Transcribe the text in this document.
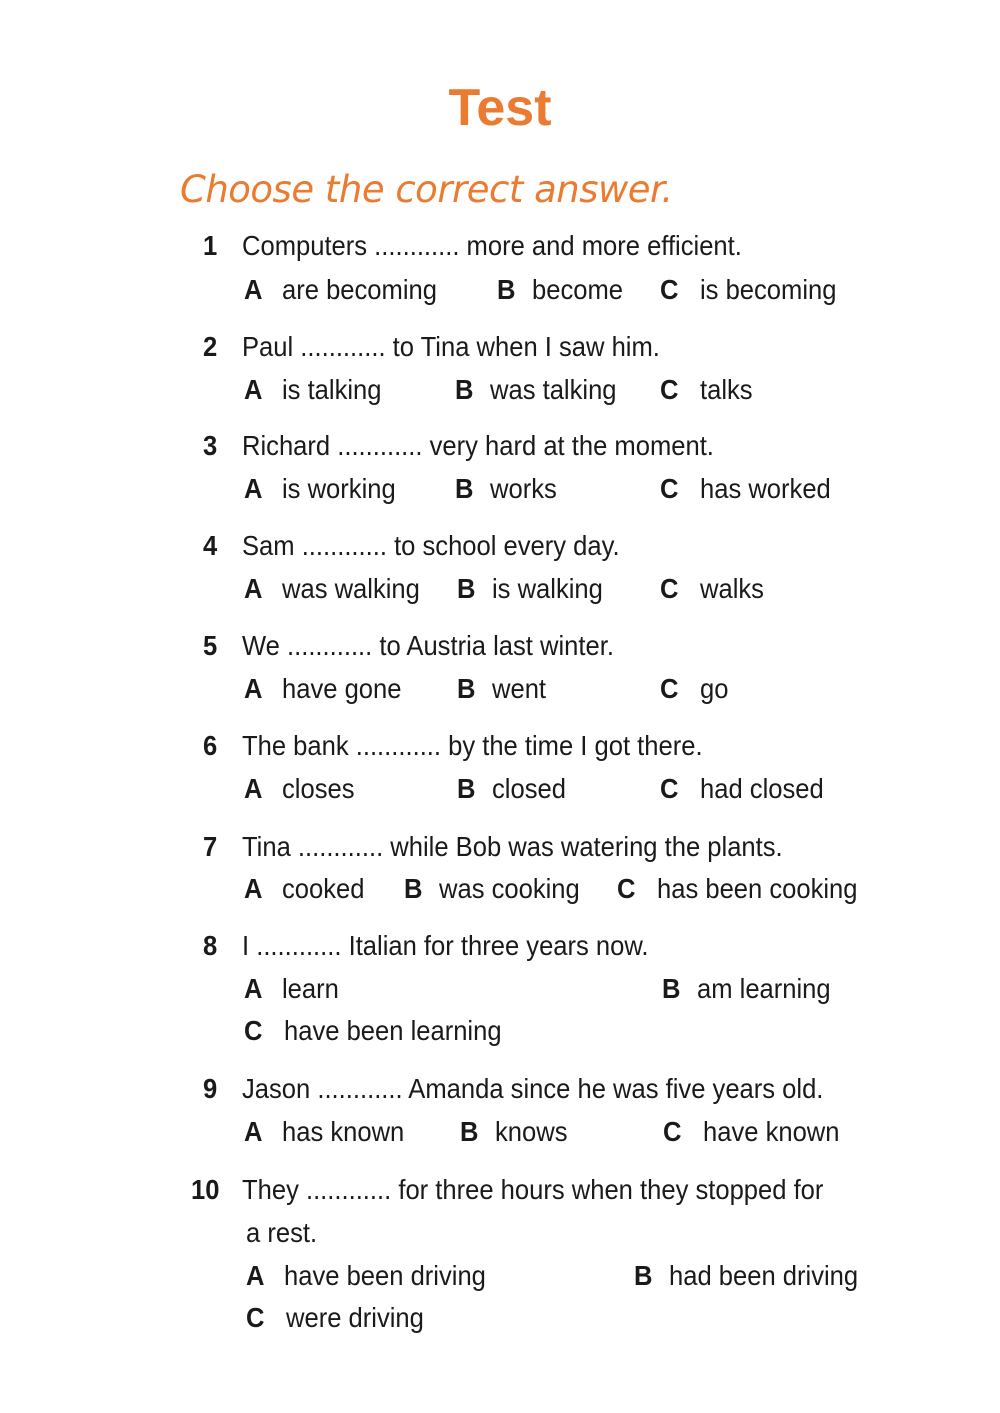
Test

Choose the correct answer.

1 Computers ............ more and more efficient.
A are becoming B become C is becoming
2 Paul ............ to Tina when I saw him.
A is talking	B was talking C talks
3 Richard ............ very hard at the moment.
A is working B works	C has worked
4 Sam ............ to school every day.
A was walking B is walking C walks
5 We ............ to Austria last winter.
A have gone B went	C go
6 The bank ............ by the time I got there.
A closes	B closed	C had closed
7 Tina ............ while Bob was watering the plants.
A cooked B was cooking C has been cooking
8 I ............ Italian for three years now.
A learn	B am learning
C have been learning
9 Jason ............ Amanda since he was five years old.
A has known B knows	C have known
10 They ............ for three hours when they stopped for
a rest.
A have been driving	B had been driving
C were driving
